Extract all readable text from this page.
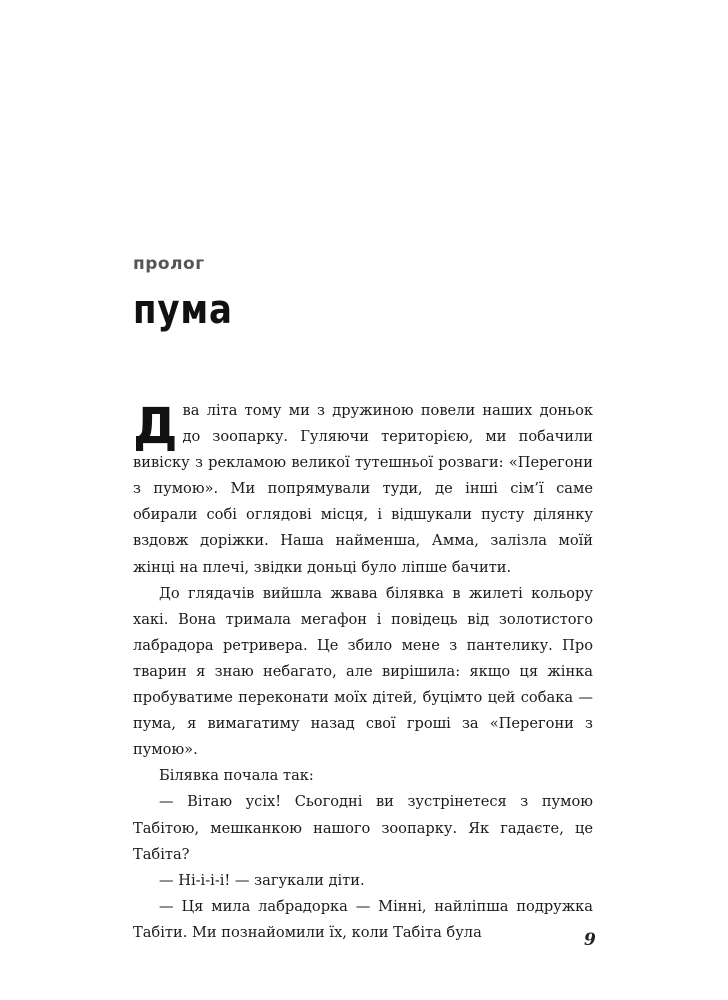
пролог
пума

Два літа тому ми з дружиною повели наших доньок до зоопарку. Гуляючи територією, ми побачили вивіску з рекламою великої тутешньої розваги: «Перегони з пумою». Ми попрямували туди, де інші сім’ї саме обирали собі оглядові місця, і відшукали пусту ділянку вздовж доріжки. Наша найменша, Амма, залізла моїй жінці на плечі, звідки доньці було ліпше бачити.

До глядачів вийшла жвава білявка в жилеті кольору хакі. Вона тримала мегафон і повідець від золотистого лабрадора ретривера. Це збило мене з пантелику. Про тварин я знаю небагато, але вирішила: якщо ця жінка пробуватиме переконати моїх дітей, буцімто цей собака — пума, я вимагатиму назад свої гроші за «Перегони з пумою».

Білявка почала так:

— Вітаю усіх! Сьогодні ви зустрінетеся з пумою Табітою, мешканкою нашого зоопарку. Як гадаєте, це Табіта?

— Ні-і-і-і! — загукали діти.

— Ця мила лабрадорка — Мінні, найліпша подружка Табіти. Ми познайомили їх, коли Табіта була	9
